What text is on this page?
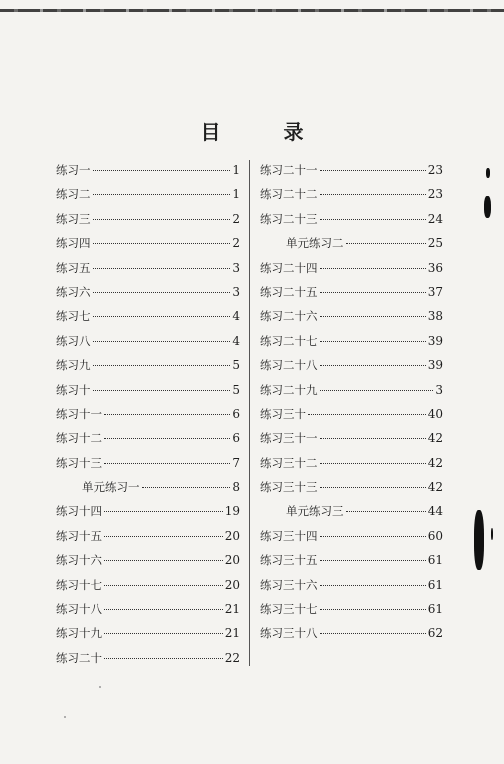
目 录
练习一	1
练习二	1
练习三	2
练习四	2
练习五	3
练习六	3
练习七	4
练习八	4
练习九	5
练习十	5
练习十一	6
练习十二	6
练习十三	7
单元练习一	8
练习十四	19
练习十五	20
练习十六	20
练习十七	20
练习十八	21
练习十九	21
练习二十	22
练习二十一	23
练习二十二	23
练习二十三	24
单元练习二	25
练习二十四	36
练习二十五	37
练习二十六	38
练习二十七	39
练习二十八	39
练习二十九	3
练习三十	40
练习三十一	42
练习三十二	42
练习三十三	42
单元练习三	44
练习三十四	60
练习三十五	61
练习三十六	61
练习三十七	61
练习三十八	62
